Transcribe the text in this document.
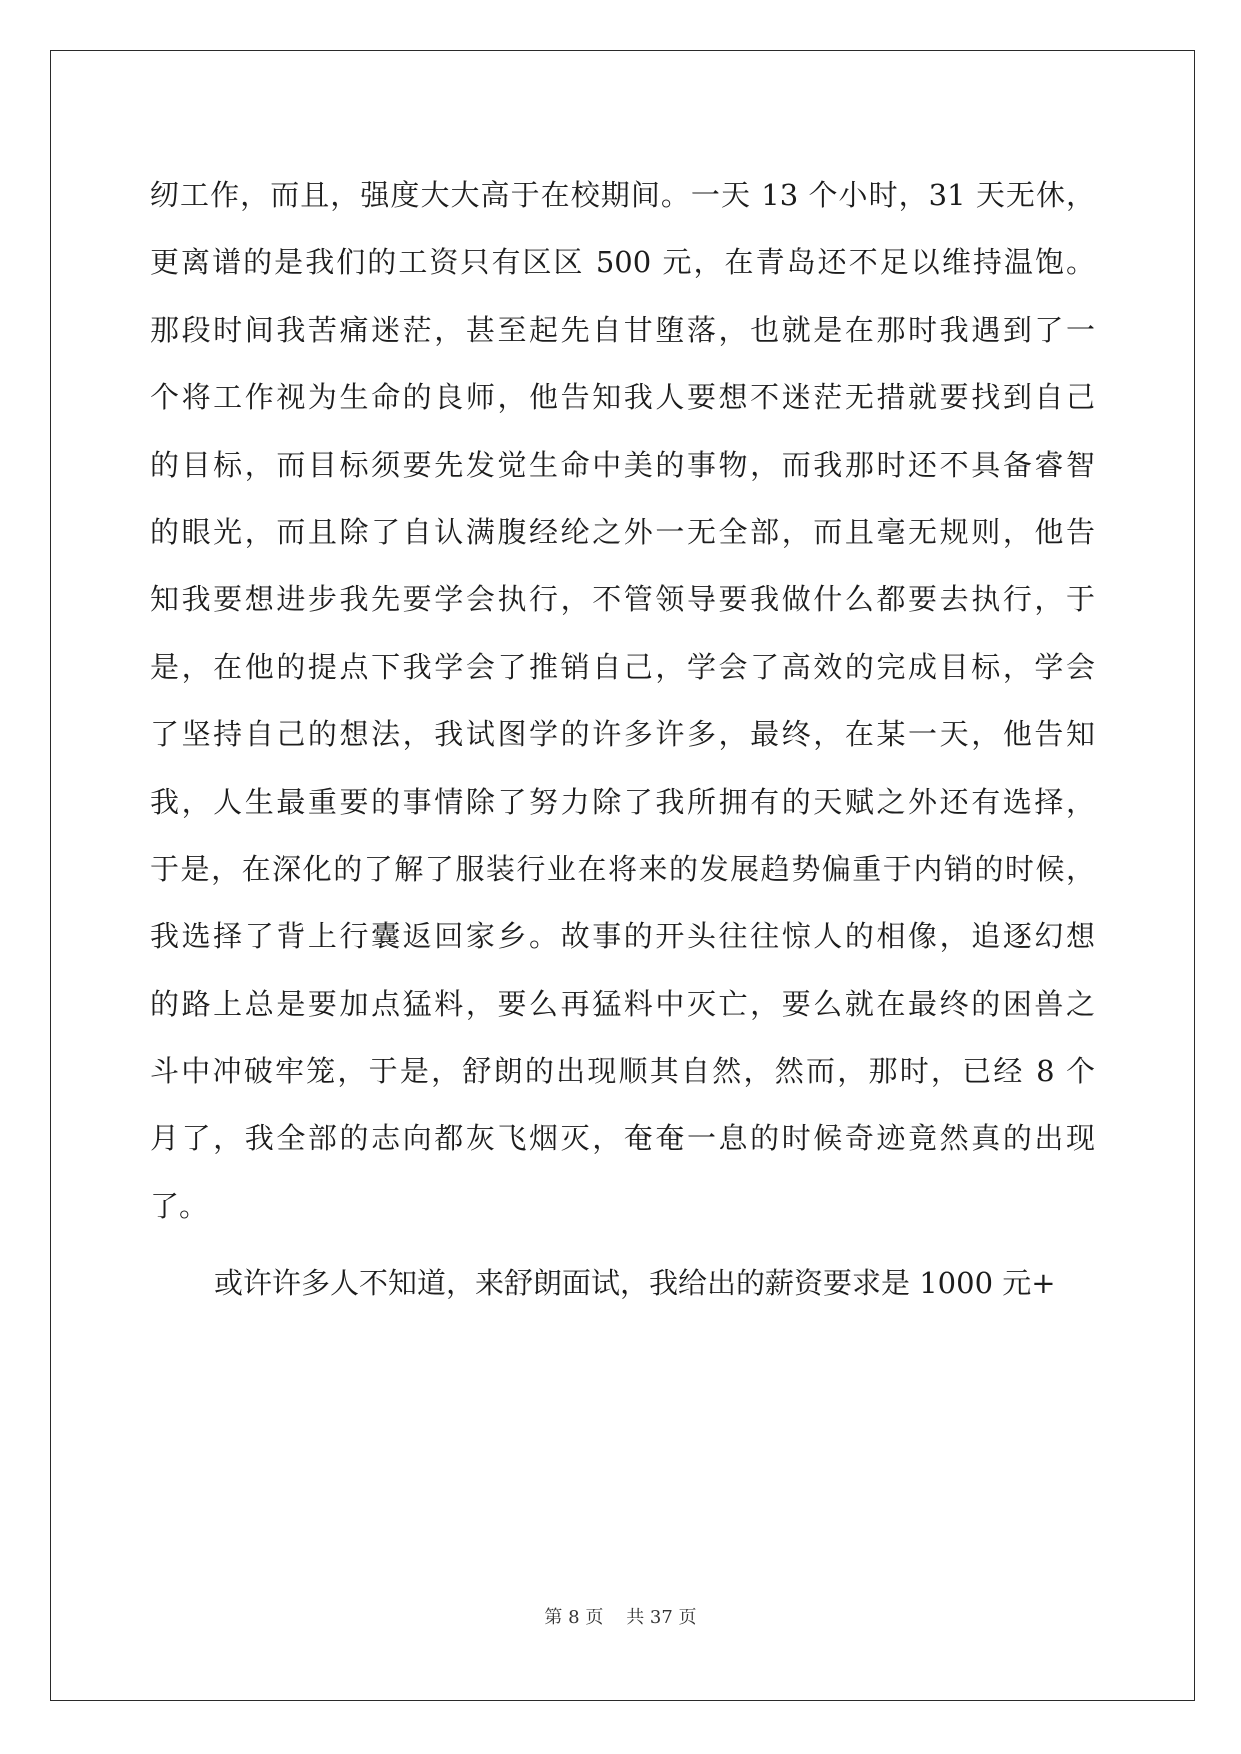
纫工作，而且，强度大大高于在校期间。一天 13 个小时，31 天无休，
更离谱的是我们的工资只有区区 500 元，在青岛还不足以维持温饱。
那段时间我苦痛迷茫，甚至起先自甘堕落，也就是在那时我遇到了一
个将工作视为生命的良师，他告知我人要想不迷茫无措就要找到自己
的目标，而目标须要先发觉生命中美的事物，而我那时还不具备睿智
的眼光，而且除了自认满腹经纶之外一无全部，而且毫无规则，他告
知我要想进步我先要学会执行，不管领导要我做什么都要去执行，于
是，在他的提点下我学会了推销自己，学会了高效的完成目标，学会
了坚持自己的想法，我试图学的许多许多，最终，在某一天，他告知
我，人生最重要的事情除了努力除了我所拥有的天赋之外还有选择，
于是，在深化的了解了服装行业在将来的发展趋势偏重于内销的时候，
我选择了背上行囊返回家乡。故事的开头往往惊人的相像，追逐幻想
的路上总是要加点猛料，要么再猛料中灭亡，要么就在最终的困兽之
斗中冲破牢笼，于是，舒朗的出现顺其自然，然而，那时，已经 8 个
月了，我全部的志向都灰飞烟灭，奄奄一息的时候奇迹竟然真的出现
了。
或许许多人不知道，来舒朗面试，我给出的薪资要求是 1000 元+
第 8 页    共 37 页
